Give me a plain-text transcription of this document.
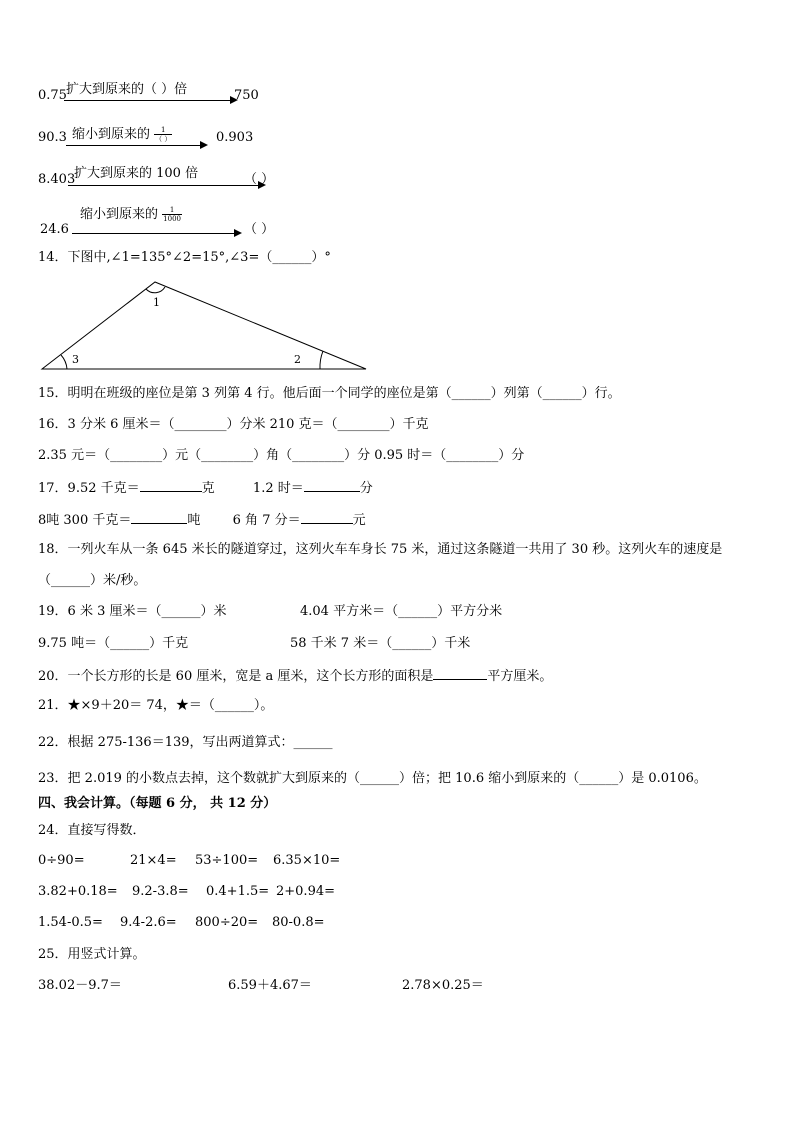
0.75 扩大到原来的（ ）倍	750
90.3 缩小到原来的 $\frac{1}{( )}$	0.903
8.403
扩大到原来的 100 倍	（ ）
24.6
缩小到原来的 $\frac{1}{1000}$
（ ）
14．下图中,∠1=135°∠2=15°,∠3=（______）°
1
3	2
15．明明在班级的座位是第 3 列第 4 行。他后面一个同学的座位是第（______）列第（______）行。
16．3 分米 6 厘米＝（________）分米 210 克＝（________）千克
2.35 元＝（________）元（________）角（________）分 0.95 时＝（________）分
17．9.52 千克＝	克	1.2 时＝	分
8吨 300 千克＝	吨 6 角 7 分＝	元
18．一列火车从一条 645 米长的隧道穿过，这列火车车身长 75 米，通过这条隧道一共用了 30 秒。这列火车的速度是
（______）米/秒。
19．6 米 3 厘米＝（______）米	4.04 平方米＝（______）平方分米
9.75 吨＝（______）千克	58 千米 7 米＝（______）千米
20．一个长方形的长是 60 厘米，宽是 a 厘米，这个长方形的面积是	平方厘米。
21．★×9＋20＝ 74，★＝（______）。
22．根据 275-136＝139，写出两道算式：______
23．把 2.019 的小数点去掉，这个数就扩大到原来的（______）倍；把 10.6 缩小到原来的（______）是 0.0106。
四、我会计算。（每题 6 分， 共 12 分）
24．直接写得数．
0÷90=	21×4= 53÷100= 6.35×10=
3.82+0.18= 9.2-3.8= 0.4+1.5= 2+0.94=
1.54-0.5= 9.4-2.6= 800÷20= 80-0.8=
25．用竖式计算。
38.02－9.7＝	6.59＋4.67＝	2.78×0.25＝
